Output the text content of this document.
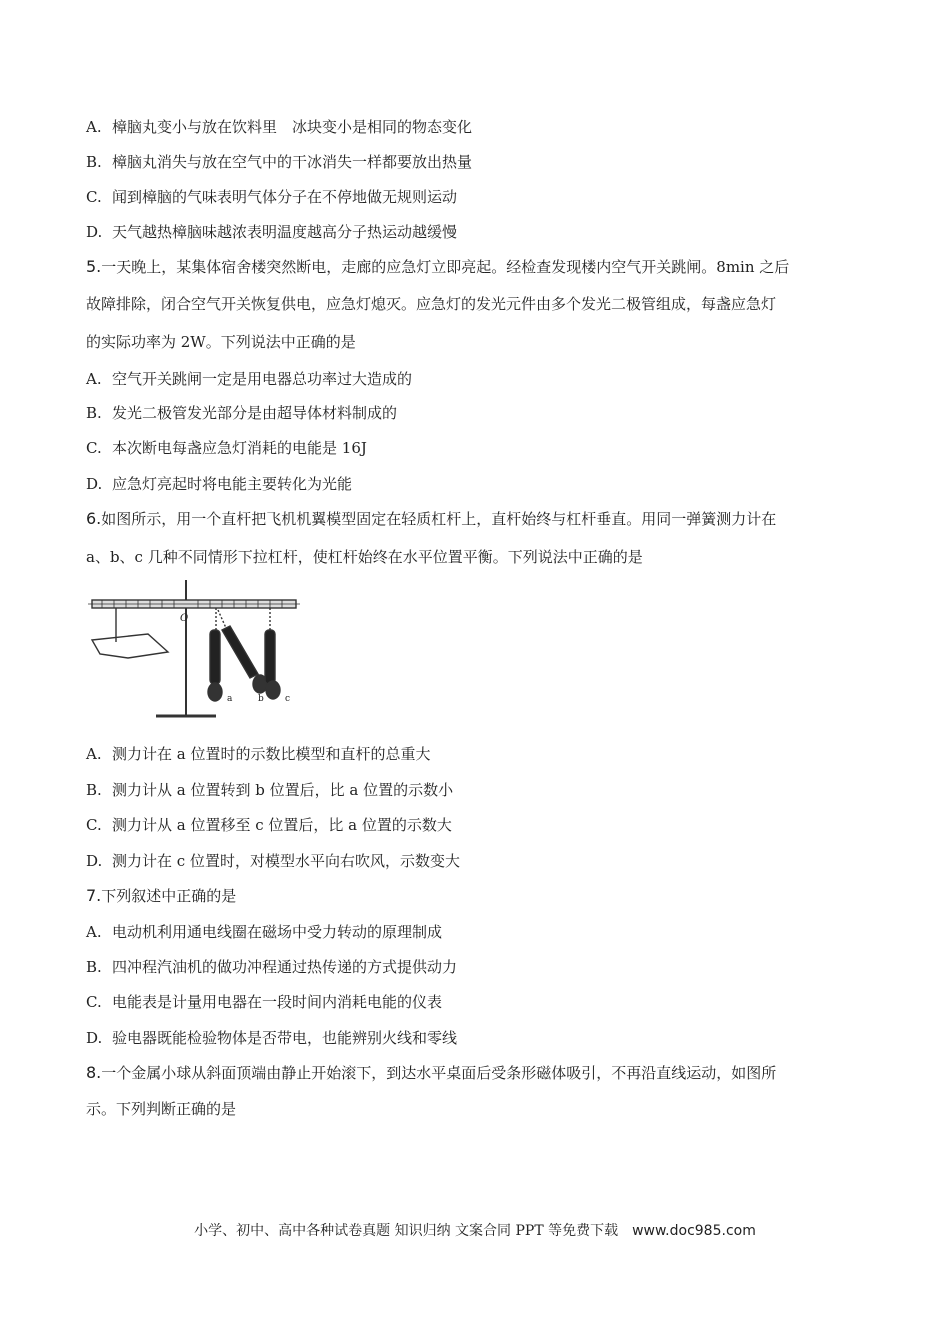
A. 樟脑丸变小与放在饮料里　冰块变小是相同的物态变化
B. 樟脑丸消失与放在空气中的干冰消失一样都要放出热量
C. 闻到樟脑的气味表明气体分子在不停地做无规则运动
D. 天气越热樟脑味越浓表明温度越高分子热运动越缓慢
5.一天晚上，某集体宿舍楼突然断电，走廊的应急灯立即亮起。经检查发现楼内空气开关跳闸。8min 之后
故障排除，闭合空气开关恢复供电，应急灯熄灭。应急灯的发光元件由多个发光二极管组成，每盏应急灯
的实际功率为 2W。下列说法中正确的是
A. 空气开关跳闸一定是用电器总功率过大造成的
B. 发光二极管发光部分是由超导体材料制成的
C. 本次断电每盏应急灯消耗的电能是 16J
D. 应急灯亮起时将电能主要转化为光能
6.如图所示，用一个直杆把飞机机翼模型固定在轻质杠杆上，直杆始终与杠杆垂直。用同一弹簧测力计在
a、b、c 几种不同情形下拉杠杆，使杠杆始终在水平位置平衡。下列说法中正确的是
O
a	b c
A. 测力计在 a 位置时的示数比模型和直杆的总重大
B. 测力计从 a 位置转到 b 位置后，比 a 位置的示数小
C. 测力计从 a 位置移至 c 位置后，比 a 位置的示数大
D. 测力计在 c 位置时，对模型水平向右吹风，示数变大
7.下列叙述中正确的是
A. 电动机利用通电线圈在磁场中受力转动的原理制成
B. 四冲程汽油机的做功冲程通过热传递的方式提供动力
C. 电能表是计量用电器在一段时间内消耗电能的仪表
D. 验电器既能检验物体是否带电，也能辨别火线和零线
8.一个金属小球从斜面顶端由静止开始滚下，到达水平桌面后受条形磁体吸引，不再沿直线运动，如图所
示。下列判断正确的是
小学、初中、高中各种试卷真题 知识归纳 文案合同 PPT 等免费下载 www.doc985.com
